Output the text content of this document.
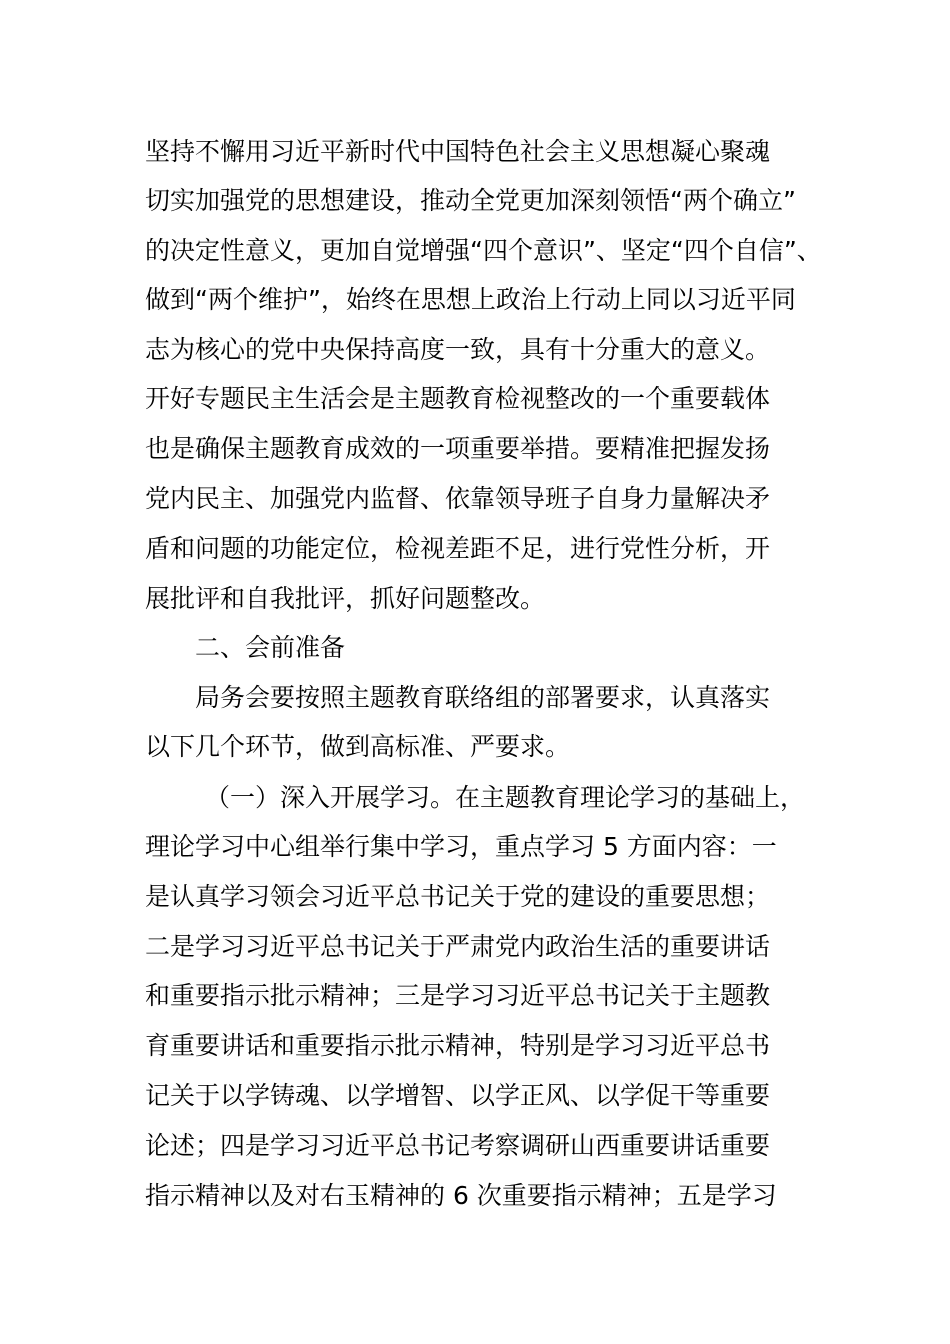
坚持不懈用习近平新时代中国特色社会主义思想凝心聚魂
切实加强党的思想建设，推动全党更加深刻领悟“两个确立”
的决定性意义，更加自觉增强“四个意识”、坚定“四个自信”、
做到“两个维护”，始终在思想上政治上行动上同以习近平同
志为核心的党中央保持高度一致，具有十分重大的意义。
开好专题民主生活会是主题教育检视整改的一个重要载体
也是确保主题教育成效的一项重要举措。要精准把握发扬
党内民主、加强党内监督、依靠领导班子自身力量解决矛
盾和问题的功能定位，检视差距不足，进行党性分析，开
展批评和自我批评，抓好问题整改。
二、会前准备
局务会要按照主题教育联络组的部署要求，认真落实
以下几个环节，做到高标准、严要求。
（一）深入开展学习。在主题教育理论学习的基础上，
理论学习中心组举行集中学习，重点学习 5 方面内容：一
是认真学习领会习近平总书记关于党的建设的重要思想；
二是学习习近平总书记关于严肃党内政治生活的重要讲话
和重要指示批示精神；三是学习习近平总书记关于主题教
育重要讲话和重要指示批示精神，特别是学习习近平总书
记关于以学铸魂、以学增智、以学正风、以学促干等重要
论述；四是学习习近平总书记考察调研山西重要讲话重要
指示精神以及对右玉精神的 6 次重要指示精神；五是学习
